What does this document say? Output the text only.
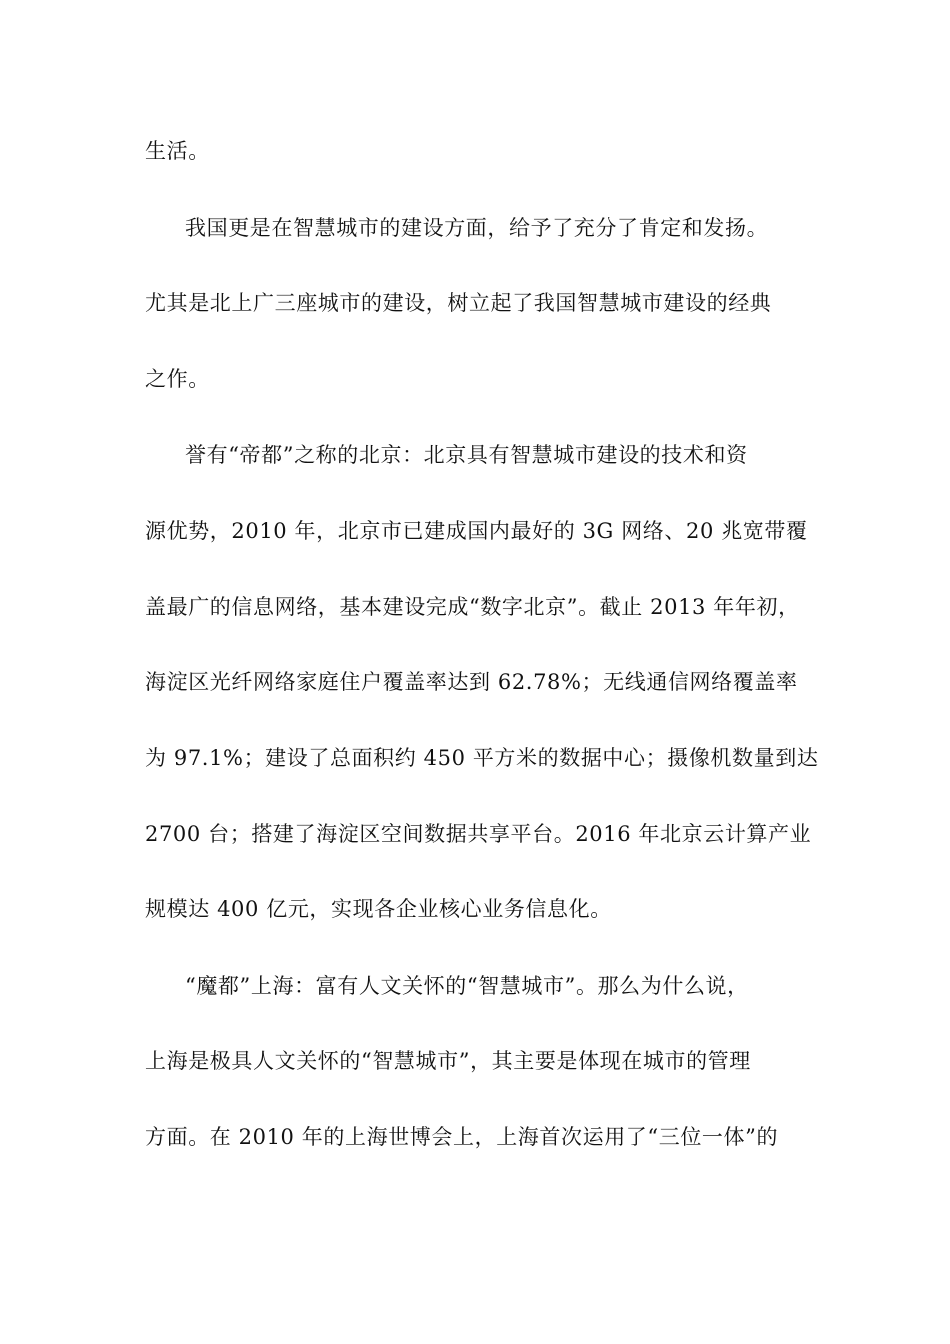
生活。
我国更是在智慧城市的建设方面，给予了充分了肯定和发扬。
尤其是北上广三座城市的建设，树立起了我国智慧城市建设的经典
之作。
誉有“帝都”之称的北京：北京具有智慧城市建设的技术和资
源优势，2010 年，北京市已建成国内最好的 3G 网络、20 兆宽带覆
盖最广的信息网络，基本建设完成“数字北京”。截止 2013 年年初，
海淀区光纤网络家庭住户覆盖率达到 62.78%；无线通信网络覆盖率
为 97.1%；建设了总面积约 450 平方米的数据中心；摄像机数量到达
2700 台；搭建了海淀区空间数据共享平台。2016 年北京云计算产业
规模达 400 亿元，实现各企业核心业务信息化。
“魔都”上海：富有人文关怀的“智慧城市”。那么为什么说，
上海是极具人文关怀的“智慧城市”，其主要是体现在城市的管理
方面。在 2010 年的上海世博会上，上海首次运用了“三位一体”的
